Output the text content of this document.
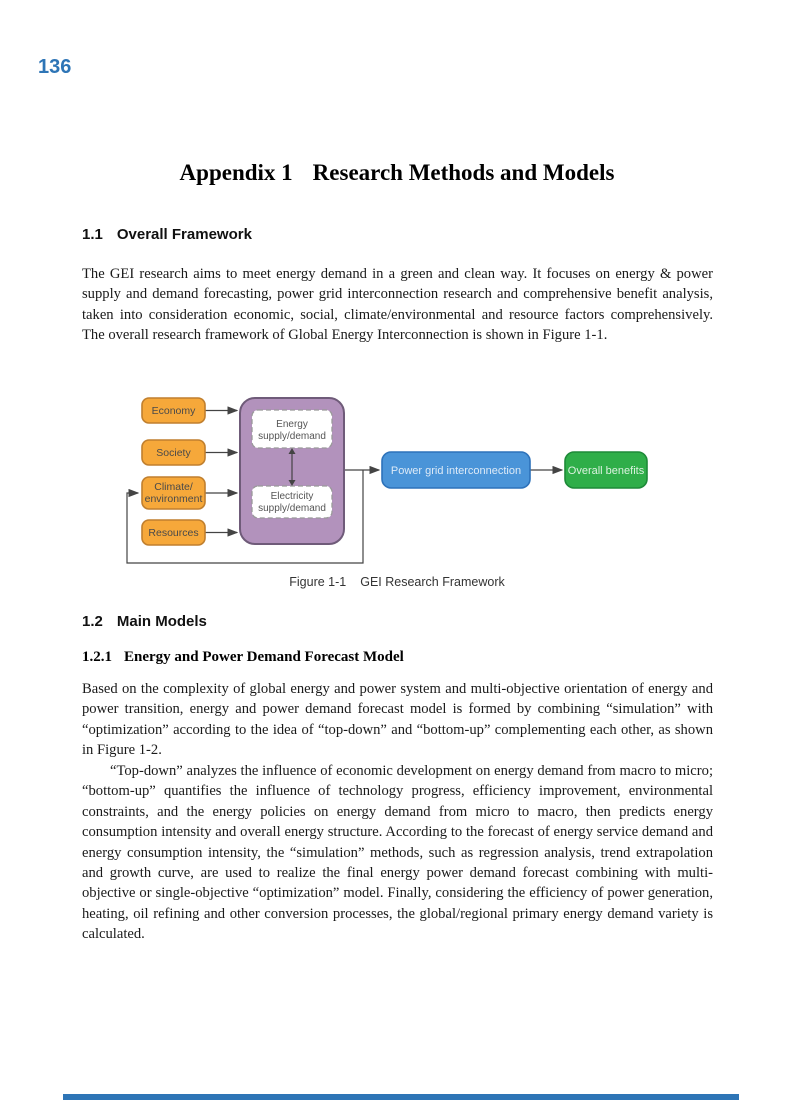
136
Appendix 1 Research Methods and Models
1.1 Overall Framework
The GEI research aims to meet energy demand in a green and clean way. It focuses on energy & power supply and demand forecasting, power grid interconnection research and comprehensive benefit analysis, taken into consideration economic, social, climate/environmental and resource factors comprehensively. The overall research framework of Global Energy Interconnection is shown in Figure 1-1.
Economy
Society
Climate/
environment
Resources
Energy
supply/demand
Electricity
supply/demand
Power grid interconnection	Overall benefits
Figure 1-1 GEI Research Framework
1.2 Main Models
1.2.1 Energy and Power Demand Forecast Model
Based on the complexity of global energy and power system and multi-objective orientation of energy and power transition, energy and power demand forecast model is formed by combining “simulation” with “optimization” according to the idea of “top-down” and “bottom-up” complementing each other, as shown in Figure 1-2.
“Top-down” analyzes the influence of economic development on energy demand from macro to micro; “bottom-up” quantifies the influence of technology progress, efficiency improvement, environmental constraints, and the energy policies on energy demand from micro to macro, then predicts energy consumption intensity and overall energy structure. According to the forecast of energy service demand and energy consumption intensity, the “simulation” methods, such as regression analysis, trend extrapolation and growth curve, are used to realize the final energy power demand forecast combining with multi-objective or single-objective “optimization” model. Finally, considering the efficiency of power generation, heating, oil refining and other conversion processes, the global/regional primary energy demand variety is calculated.
